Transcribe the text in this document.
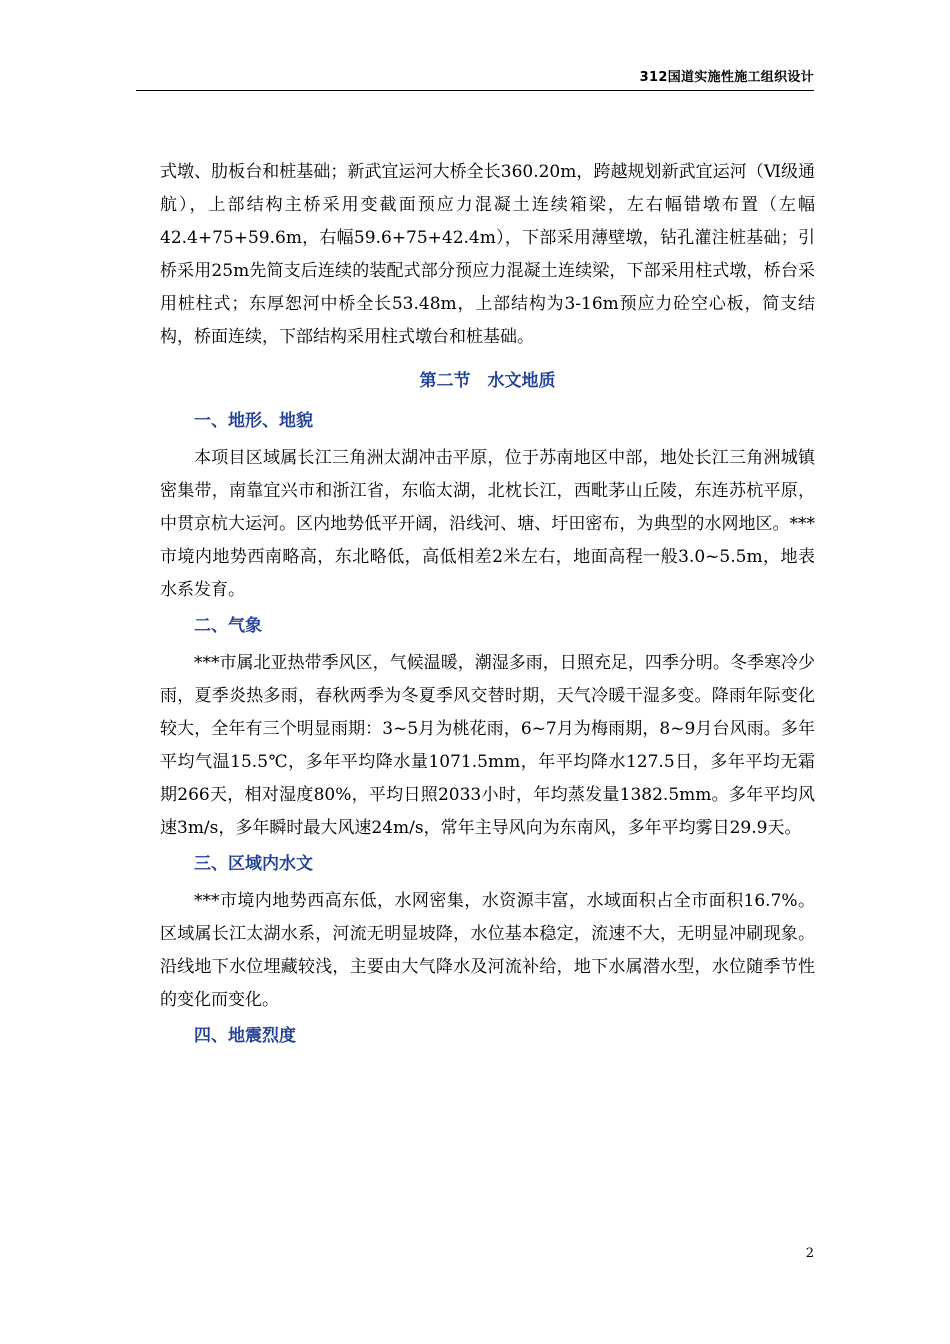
312国道实施性施工组织设计

式墩、肋板台和桩基础；新武宜运河大桥全长360.20m，跨越规划新武宜运河（Ⅵ级通航），上部结构主桥采用变截面预应力混凝土连续箱梁，左右幅错墩布置（左幅42.4+75+59.6m，右幅59.6+75+42.4m），下部采用薄壁墩，钻孔灌注桩基础；引桥采用25m先简支后连续的装配式部分预应力混凝土连续梁，下部采用柱式墩，桥台采用桩柱式；东厚恕河中桥全长53.48m，上部结构为3-16m预应力砼空心板，简支结构，桥面连续，下部结构采用柱式墩台和桩基础。

第二节　水文地质
一、地形、地貌

本项目区域属长江三角洲太湖冲击平原，位于苏南地区中部，地处长江三角洲城镇密集带，南靠宜兴市和浙江省，东临太湖，北枕长江，西毗茅山丘陵，东连苏杭平原，中贯京杭大运河。区内地势低平开阔，沿线河、塘、圩田密布，为典型的水网地区。***市境内地势西南略高，东北略低，高低相差2米左右，地面高程一般3.0~5.5m，地表水系发育。

二、气象

***市属北亚热带季风区，气候温暖，潮湿多雨，日照充足，四季分明。冬季寒冷少雨，夏季炎热多雨，春秋两季为冬夏季风交替时期，天气冷暖干湿多变。降雨年际变化较大，全年有三个明显雨期：3~5月为桃花雨，6~7月为梅雨期，8~9月台风雨。多年平均气温15.5℃，多年平均降水量1071.5mm，年平均降水127.5日，多年平均无霜期266天，相对湿度80%，平均日照2033小时，年均蒸发量1382.5mm。多年平均风速3m/s，多年瞬时最大风速24m/s，常年主导风向为东南风，多年平均雾日29.9天。

三、区域内水文

***市境内地势西高东低，水网密集，水资源丰富，水域面积占全市面积16.7%。区域属长江太湖水系，河流无明显坡降，水位基本稳定，流速不大，无明显冲刷现象。沿线地下水位埋藏较浅，主要由大气降水及河流补给，地下水属潜水型，水位随季节性的变化而变化。

四、地震烈度
2
